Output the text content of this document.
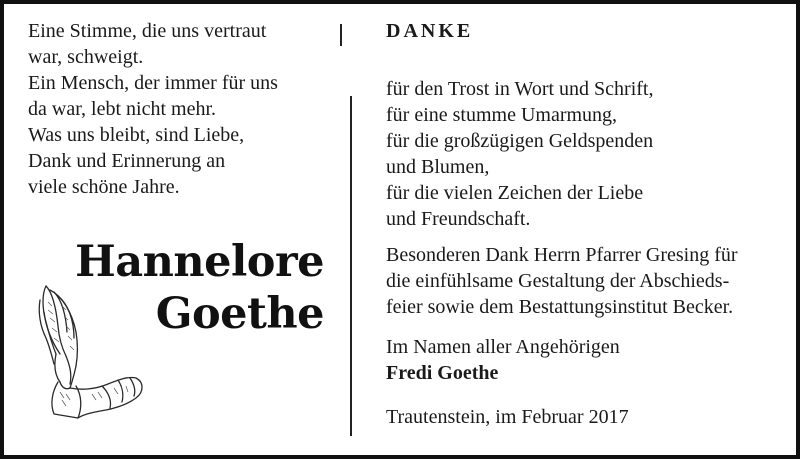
Eine Stimme, die uns vertraut

war, schweigt.

Ein Mensch, der immer für uns

da war, lebt nicht mehr.

Was uns bleibt, sind Liebe,

Dank und Erinnerung an

viele schöne Jahre.

Hannelore
Goethe
DANKE

für den Trost in Wort und Schrift,

für eine stumme Umarmung,

für die großzügigen Geldspenden

und Blumen,

für die vielen Zeichen der Liebe

und Freundschaft.

Besonderen Dank Herrn Pfarrer Gresing für

die einfühlsame Gestaltung der Abschieds-

feier sowie dem Bestattungsinstitut Becker.

Im Namen aller Angehörigen

Fredi Goethe

Trautenstein, im Februar 2017
